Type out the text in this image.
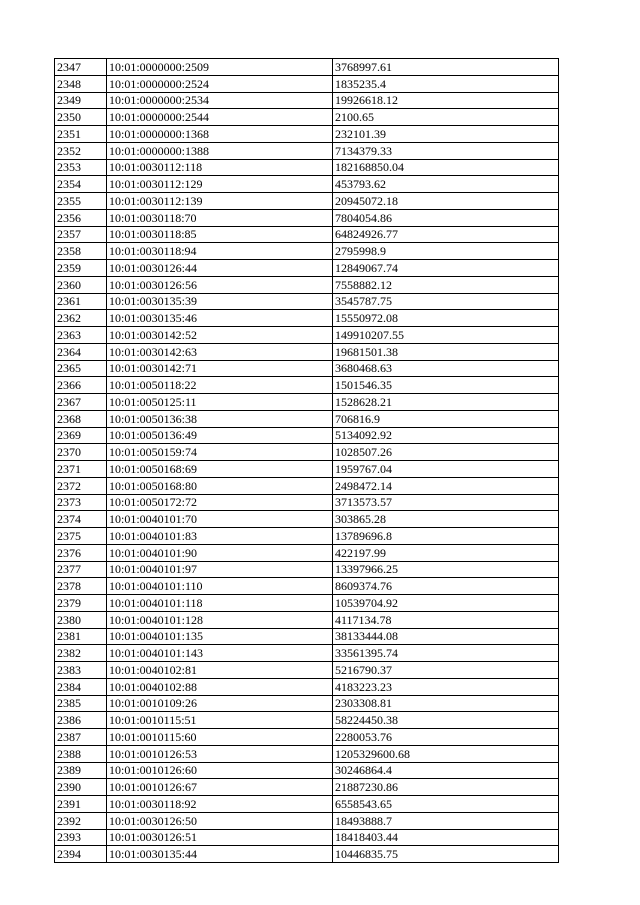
2347	10:01:0000000:2509	3768997.61
2348	10:01:0000000:2524	1835235.4
2349	10:01:0000000:2534	19926618.12
2350	10:01:0000000:2544	2100.65
2351	10:01:0000000:1368	232101.39
2352	10:01:0000000:1388	7134379.33
2353	10:01:0030112:118	182168850.04
2354	10:01:0030112:129	453793.62
2355	10:01:0030112:139	20945072.18
2356	10:01:0030118:70	7804054.86
2357	10:01:0030118:85	64824926.77
2358	10:01:0030118:94	2795998.9
2359	10:01:0030126:44	12849067.74
2360	10:01:0030126:56	7558882.12
2361	10:01:0030135:39	3545787.75
2362	10:01:0030135:46	15550972.08
2363	10:01:0030142:52	149910207.55
2364	10:01:0030142:63	19681501.38
2365	10:01:0030142:71	3680468.63
2366	10:01:0050118:22	1501546.35
2367	10:01:0050125:11	1528628.21
2368	10:01:0050136:38	706816.9
2369	10:01:0050136:49	5134092.92
2370	10:01:0050159:74	1028507.26
2371	10:01:0050168:69	1959767.04
2372	10:01:0050168:80	2498472.14
2373	10:01:0050172:72	3713573.57
2374	10:01:0040101:70	303865.28
2375	10:01:0040101:83	13789696.8
2376	10:01:0040101:90	422197.99
2377	10:01:0040101:97	13397966.25
2378	10:01:0040101:110	8609374.76
2379	10:01:0040101:118	10539704.92
2380	10:01:0040101:128	4117134.78
2381	10:01:0040101:135	38133444.08
2382	10:01:0040101:143	33561395.74
2383	10:01:0040102:81	5216790.37
2384	10:01:0040102:88	4183223.23
2385	10:01:0010109:26	2303308.81
2386	10:01:0010115:51	58224450.38
2387	10:01:0010115:60	2280053.76
2388	10:01:0010126:53	1205329600.68
2389	10:01:0010126:60	30246864.4
2390	10:01:0010126:67	21887230.86
2391	10:01:0030118:92	6558543.65
2392	10:01:0030126:50	18493888.7
2393	10:01:0030126:51	18418403.44
2394	10:01:0030135:44	10446835.75
